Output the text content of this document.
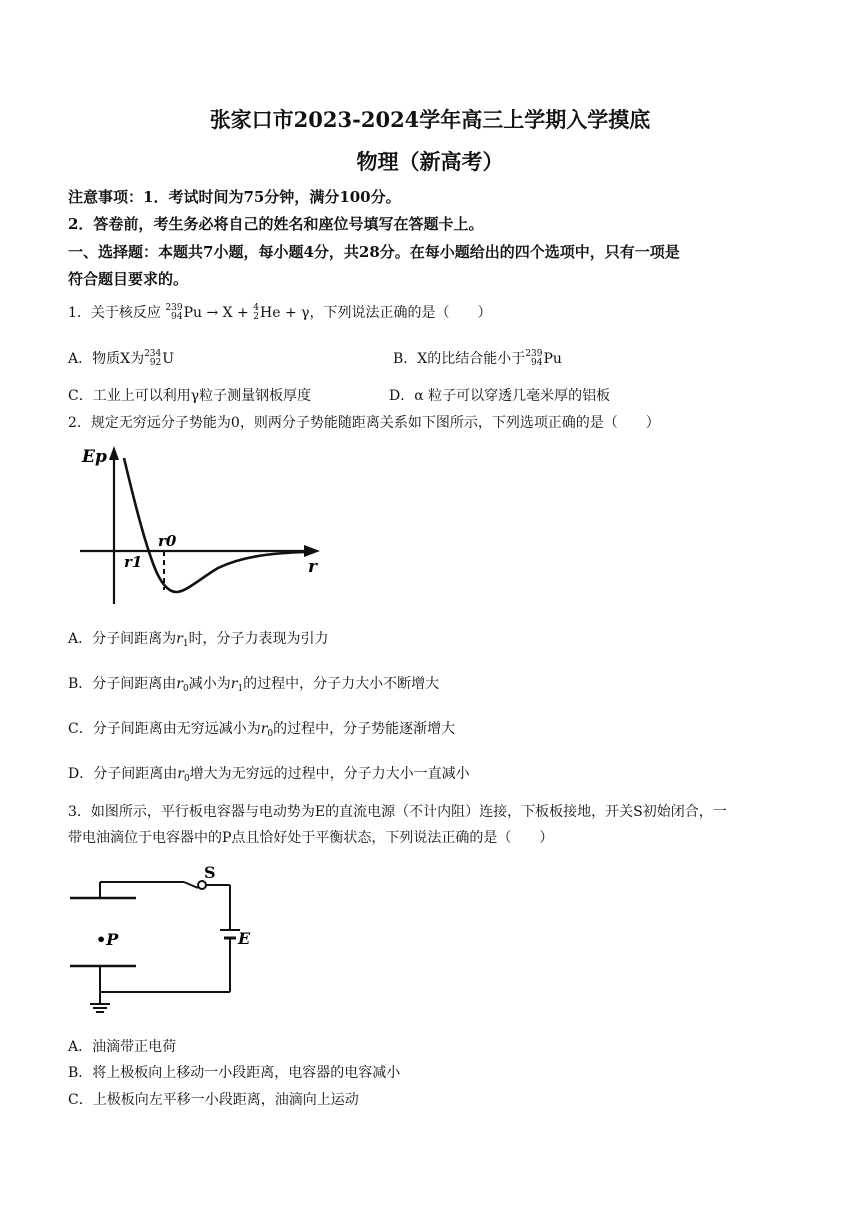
张家口市2023-2024学年高三上学期入学摸底
物理（新高考）
注意事项：1．考试时间为75分钟，满分100分。
2．答卷前，考生务必将自己的姓名和座位号填写在答题卡上。
一、选择题：本题共7小题，每小题4分，共28分。在每小题给出的四个选项中，只有一项是
符合题目要求的。
1．关于核反应 239
94 Pu → X + 4
2 He + γ，下列说法正确的是（　　）
A．物质X为 234
92 U	B．X的比结合能小于 239
94 Pu
C．工业上可以利用γ粒子测量钢板厚度	D．α 粒子可以穿透几毫米厚的铝板
2．规定无穷远分子势能为0，则两分子势能随距离关系如下图所示，下列选项正确的是（　　）
Ep
r0
r1	r
A．分子间距离为$r_1$时，分子力表现为引力
B．分子间距离由$r_0$减小为$r_1$的过程中，分子力大小不断增大
C．分子间距离由无穷远减小为$r_0$的过程中，分子势能逐渐增大
D．分子间距离由$r_0$增大为无穷远的过程中，分子力大小一直减小
3．如图所示，平行板电容器与电动势为E的直流电源（不计内阻）连接，下板板接地，开关S初始闭合，一
带电油滴位于电容器中的P点且恰好处于平衡状态，下列说法正确的是（　　）
S
E
•P
A．油滴带正电荷
B．将上极板向上移动一小段距离，电容器的电容减小
C．上极板向左平移一小段距离，油滴向上运动
